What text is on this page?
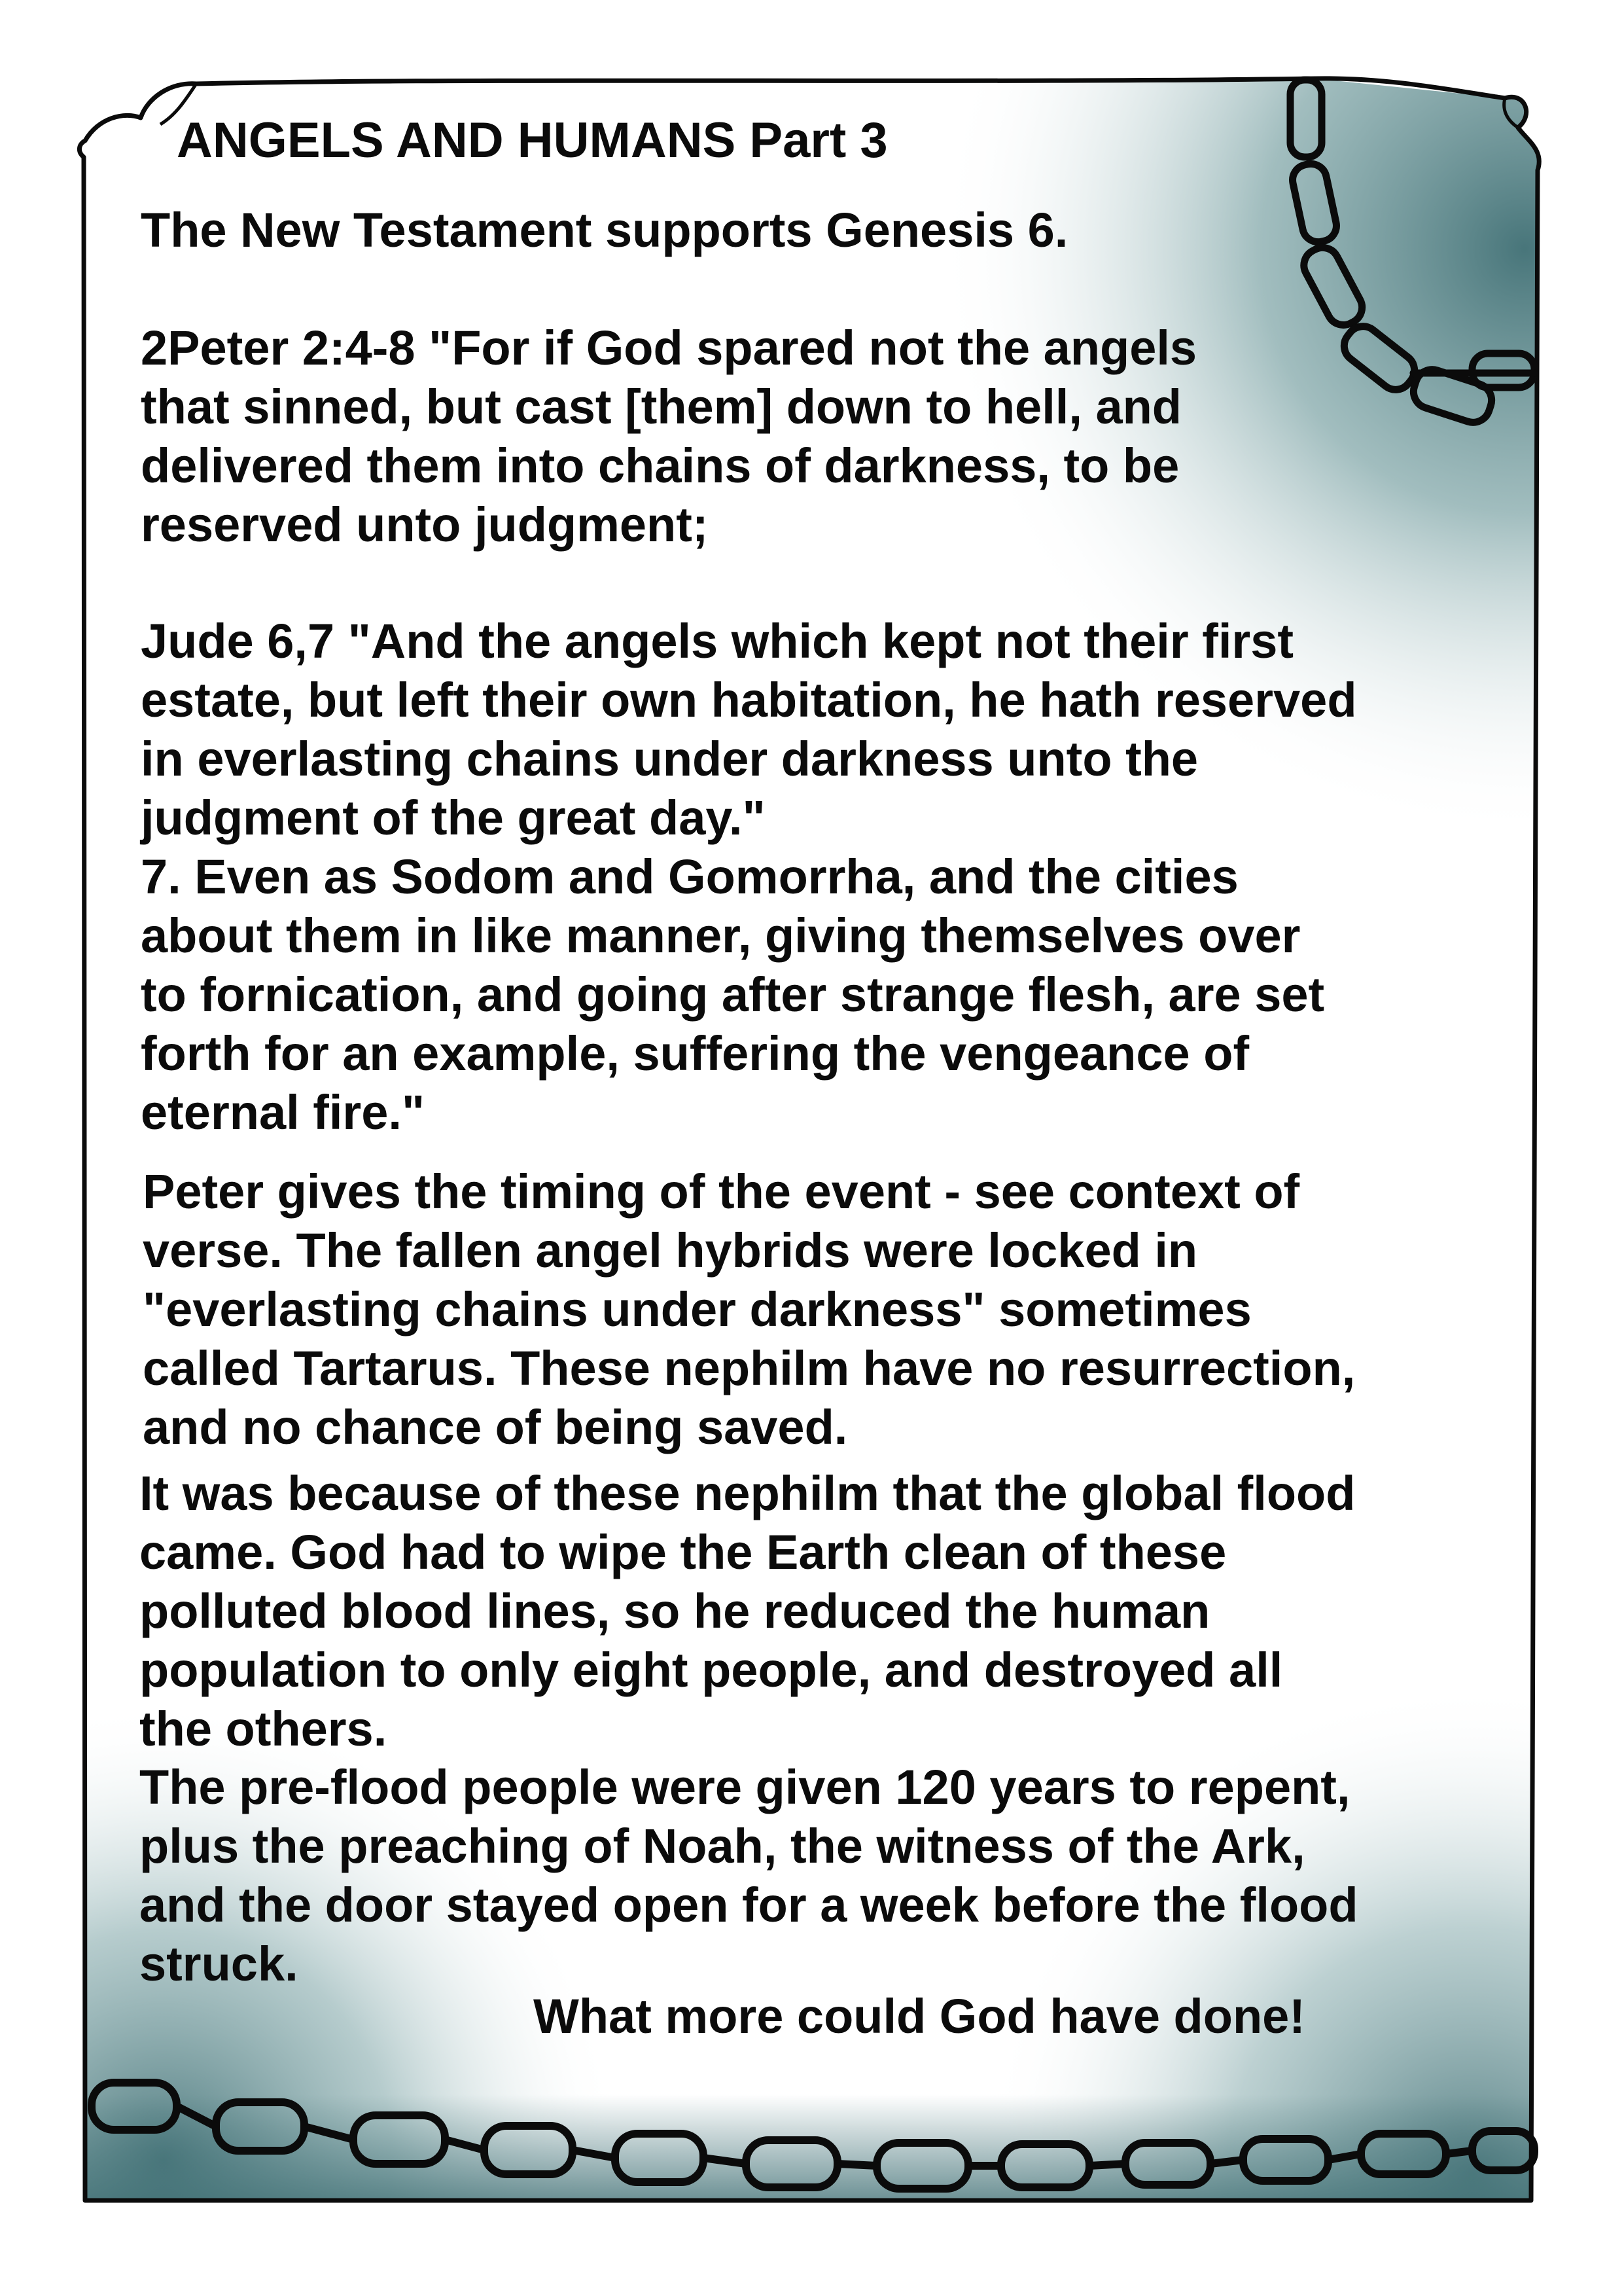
ANGELS AND HUMANS Part 3

The New Testament supports Genesis 6.

2Peter 2:4-8 "For if God spared not the angels
that sinned, but cast [them] down to hell, and
delivered them into chains of darkness, to be
reserved unto judgment;

Jude 6,7 "And the angels which kept not their first
estate, but left their own habitation, he hath reserved
in everlasting chains under darkness unto the
judgment of the great day."
7. Even as Sodom and Gomorrha, and the cities
about them in like manner, giving themselves over
to fornication, and going after strange flesh, are set
forth for an example, suffering the vengeance of
eternal fire."

Peter gives the timing of the event - see context of
verse. The fallen angel hybrids were locked in
"everlasting chains under darkness" sometimes
called Tartarus. These nephilm have no resurrection,
and no chance of being saved.

It was because of these nephilm that the global flood
came. God had to wipe the Earth clean of these
polluted blood lines, so he reduced the human
population to only eight people, and destroyed all
the others.

The pre-flood people were given 120 years to repent,
plus the preaching of Noah, the witness of the Ark,
and the door stayed open for a week before the flood
struck.

What more could God have done!
